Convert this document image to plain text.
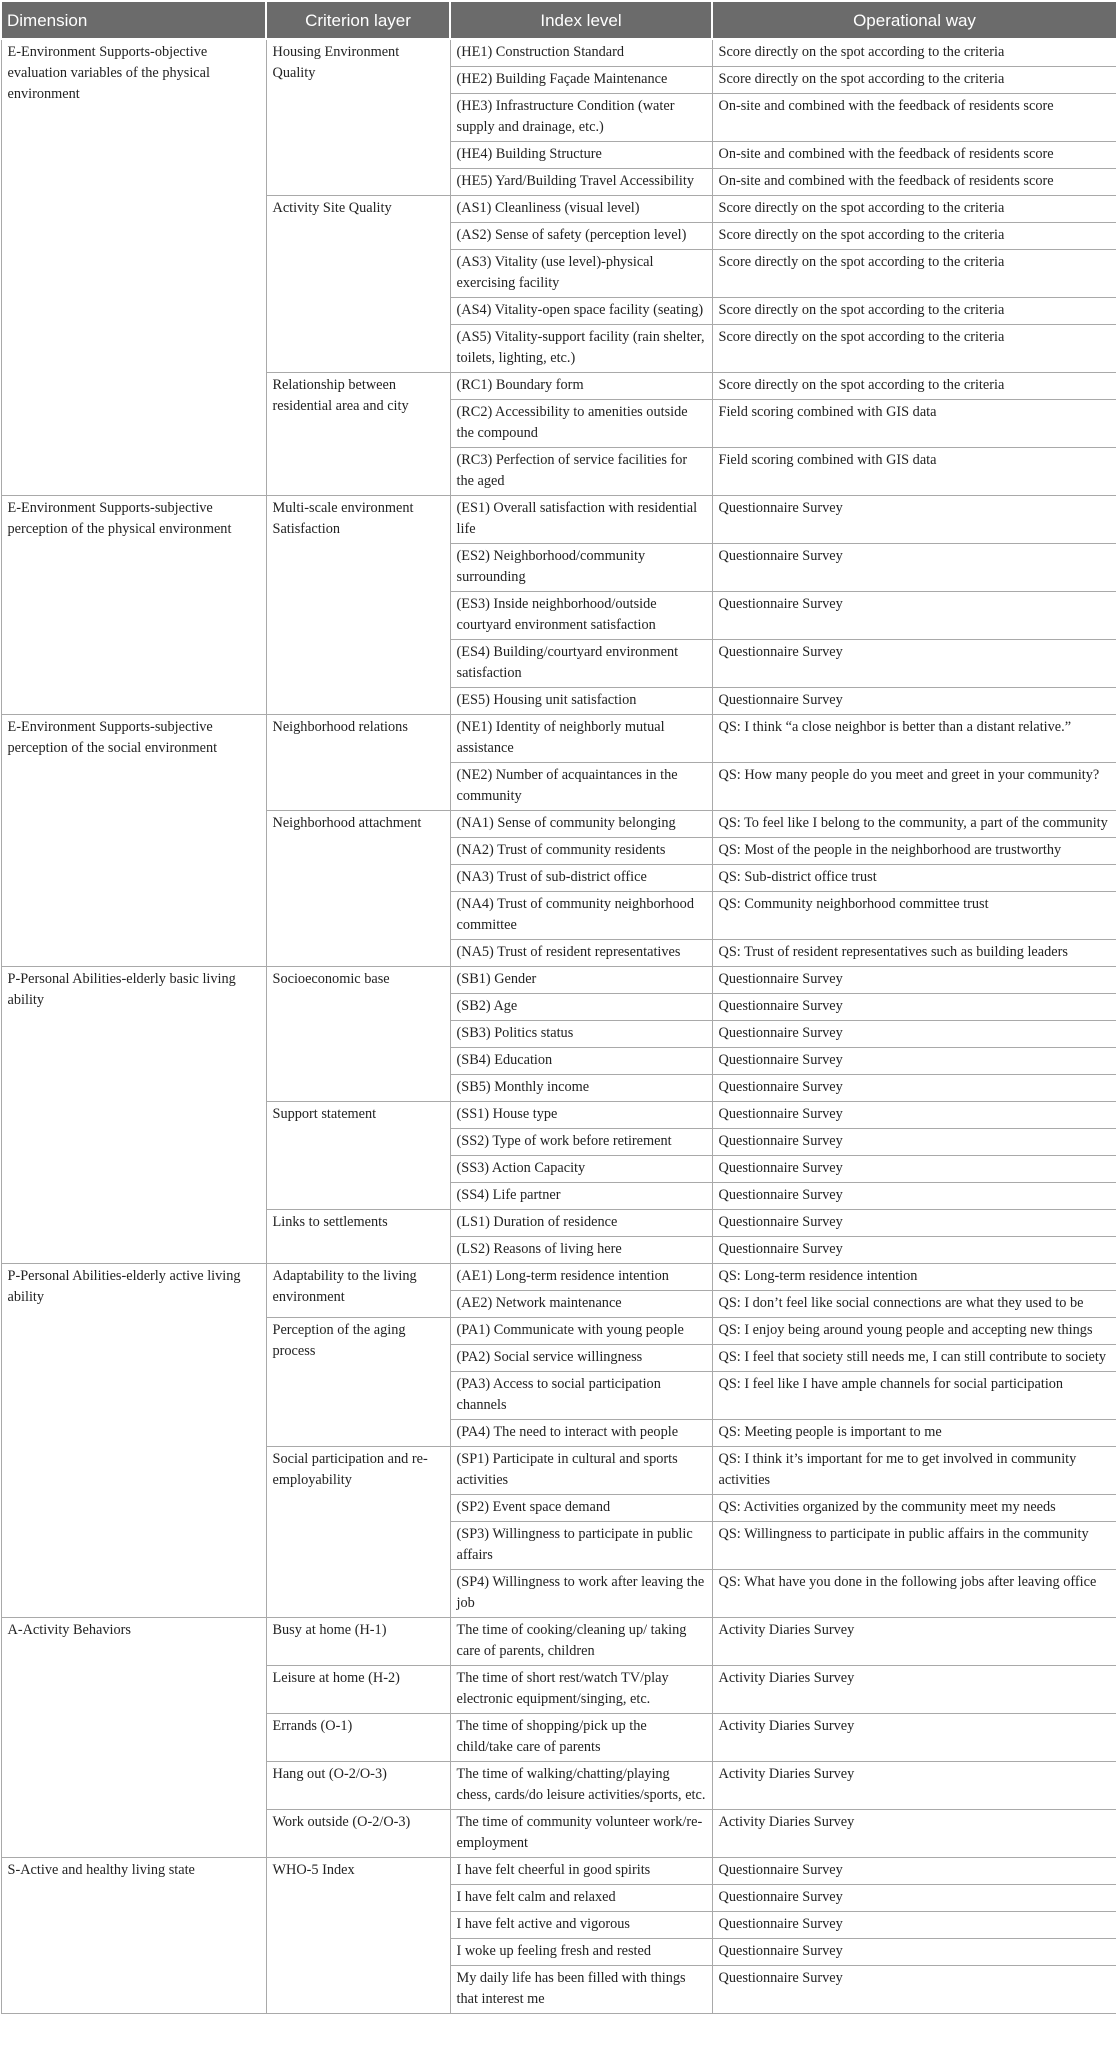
Dimension	Criterion layer	Index level	Operational way
E-Environment Supports-objective evaluation variables of the physical environment	Housing Environment Quality	(HE1) Construction Standard	Score directly on the spot according to the criteria
		(HE2) Building Façade Maintenance	Score directly on the spot according to the criteria
		(HE3) Infrastructure Condition (water supply and drainage, etc.)	On-site and combined with the feedback of residents score
		(HE4) Building Structure	On-site and combined with the feedback of residents score
		(HE5) Yard/Building Travel Accessibility	On-site and combined with the feedback of residents score
	Activity Site Quality	(AS1) Cleanliness (visual level)	Score directly on the spot according to the criteria
		(AS2) Sense of safety (perception level)	Score directly on the spot according to the criteria
		(AS3) Vitality (use level)-physical exercising facility	Score directly on the spot according to the criteria
		(AS4) Vitality-open space facility (seating)	Score directly on the spot according to the criteria
		(AS5) Vitality-support facility (rain shelter, toilets, lighting, etc.)	Score directly on the spot according to the criteria
	Relationship between residential area and city	(RC1) Boundary form	Score directly on the spot according to the criteria
		(RC2) Accessibility to amenities outside the compound	Field scoring combined with GIS data
		(RC3) Perfection of service facilities for the aged	Field scoring combined with GIS data
E-Environment Supports-subjective perception of the physical environment	Multi-scale environment Satisfaction	(ES1) Overall satisfaction with residential life	Questionnaire Survey
		(ES2) Neighborhood/community surrounding	Questionnaire Survey
		(ES3) Inside neighborhood/outside courtyard environment satisfaction	Questionnaire Survey
		(ES4) Building/courtyard environment satisfaction	Questionnaire Survey
		(ES5) Housing unit satisfaction	Questionnaire Survey
E-Environment Supports-subjective perception of the social environment	Neighborhood relations	(NE1) Identity of neighborly mutual assistance	QS: I think “a close neighbor is better than a distant relative.”
		(NE2) Number of acquaintances in the community	QS: How many people do you meet and greet in your community?
	Neighborhood attachment	(NA1) Sense of community belonging	QS: To feel like I belong to the community, a part of the community
		(NA2) Trust of community residents	QS: Most of the people in the neighborhood are trustworthy
		(NA3) Trust of sub-district office	QS: Sub-district office trust
		(NA4) Trust of community neighborhood committee	QS: Community neighborhood committee trust
		(NA5) Trust of resident representatives	QS: Trust of resident representatives such as building leaders
P-Personal Abilities-elderly basic living ability	Socioeconomic base	(SB1) Gender	Questionnaire Survey
		(SB2) Age	Questionnaire Survey
		(SB3) Politics status	Questionnaire Survey
		(SB4) Education	Questionnaire Survey
		(SB5) Monthly income	Questionnaire Survey
	Support statement	(SS1) House type	Questionnaire Survey
		(SS2) Type of work before retirement	Questionnaire Survey
		(SS3) Action Capacity	Questionnaire Survey
		(SS4) Life partner	Questionnaire Survey
	Links to settlements	(LS1) Duration of residence	Questionnaire Survey
		(LS2) Reasons of living here	Questionnaire Survey
P-Personal Abilities-elderly active living ability	Adaptability to the living environment	(AE1) Long-term residence intention	QS: Long-term residence intention
		(AE2) Network maintenance	QS: I don’t feel like social connections are what they used to be
	Perception of the aging process	(PA1) Communicate with young people	QS: I enjoy being around young people and accepting new things
		(PA2) Social service willingness	QS: I feel that society still needs me, I can still contribute to society
		(PA3) Access to social participation channels	QS: I feel like I have ample channels for social participation
		(PA4) The need to interact with people	QS: Meeting people is important to me
	Social participation and re-employability	(SP1) Participate in cultural and sports activities	QS: I think it’s important for me to get involved in community activities
		(SP2) Event space demand	QS: Activities organized by the community meet my needs
		(SP3) Willingness to participate in public affairs	QS: Willingness to participate in public affairs in the community
		(SP4) Willingness to work after leaving the job	QS: What have you done in the following jobs after leaving office
A-Activity Behaviors	Busy at home (H-1)	The time of cooking/cleaning up/ taking care of parents, children	Activity Diaries Survey
	Leisure at home (H-2)	The time of short rest/watch TV/play electronic equipment/singing, etc.	Activity Diaries Survey
	Errands (O-1)	The time of shopping/pick up the child/take care of parents	Activity Diaries Survey
	Hang out (O-2/O-3)	The time of walking/chatting/playing chess, cards/do leisure activities/sports, etc.	Activity Diaries Survey
	Work outside (O-2/O-3)	The time of community volunteer work/re-employment	Activity Diaries Survey
S-Active and healthy living state	WHO-5 Index	I have felt cheerful in good spirits	Questionnaire Survey
		I have felt calm and relaxed	Questionnaire Survey
		I have felt active and vigorous	Questionnaire Survey
		I woke up feeling fresh and rested	Questionnaire Survey
		My daily life has been filled with things that interest me	Questionnaire Survey
